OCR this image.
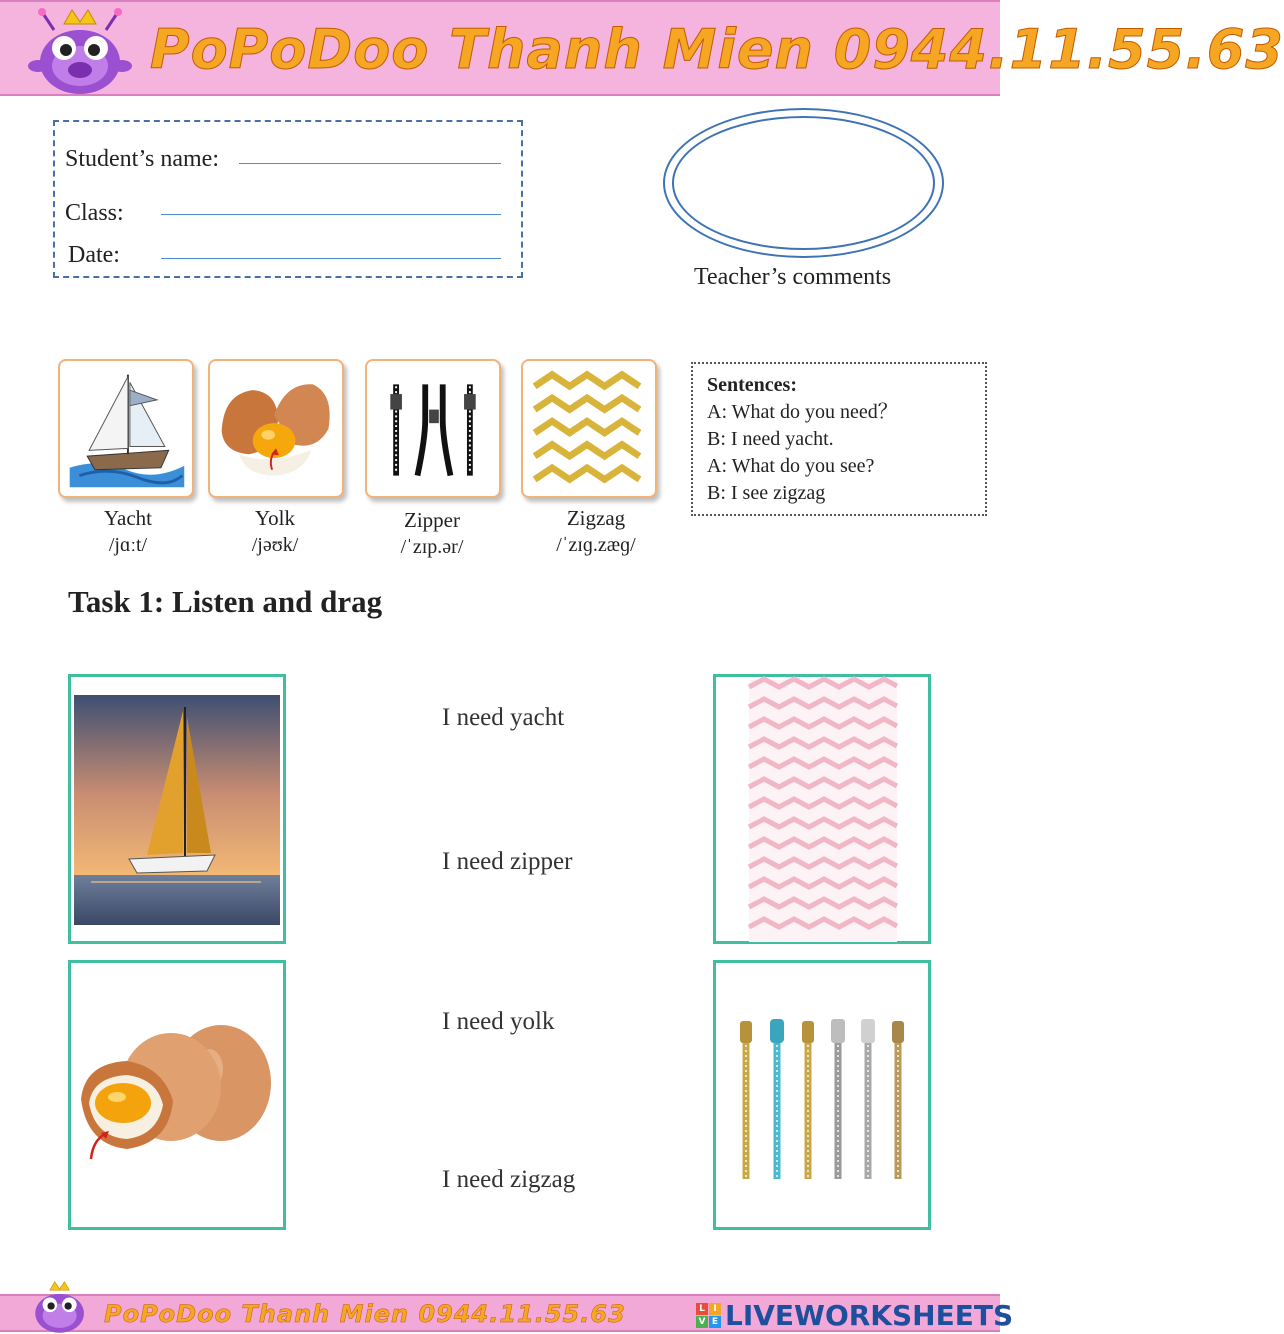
PoPoDoo Thanh Mien 0944.11.55.63
Student’s name:
Class:
Date:
Teacher’s comments
Yacht
/jɑːt/
Yolk
/jəʊk/
Zipper
/ˈzɪp.ər/
Zigzag
/ˈzɪɡ.zæɡ/
Sentences:
A: What do you need？
B: I need yacht.
A: What do you see?
B: I see zigzag
Task 1: Listen and drag
I need yacht
I need zipper
I need yolk
I need zigzag
PoPoDoo Thanh Mien 0944.11.55.63	L I
V E LIVEWORKSHEETS
